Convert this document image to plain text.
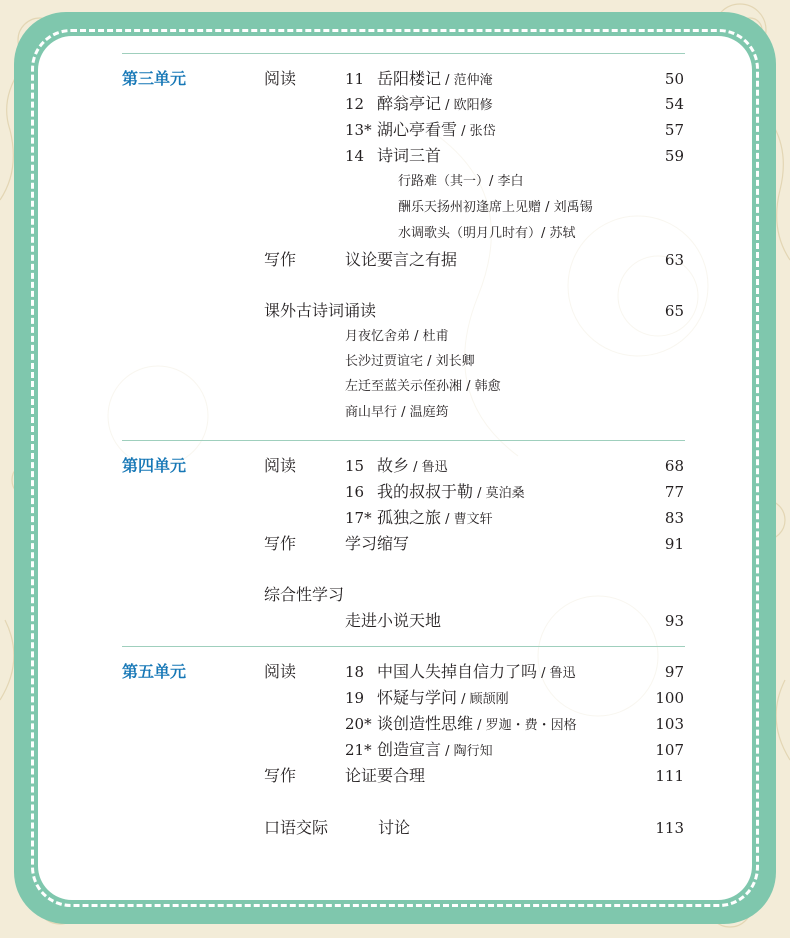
第三单元	阅读	11 岳阳楼记 / 范仲淹	50
12 醉翁亭记 / 欧阳修	54
13* 湖心亭看雪 / 张岱	57
14 诗词三首	59
行路难（其一）/ 李白
酬乐天扬州初逢席上见赠 / 刘禹锡
水调歌头（明月几时有）/ 苏轼
写作	议论要言之有据	63
课外古诗词诵读	65
月夜忆舍弟 / 杜甫
长沙过贾谊宅 / 刘长卿
左迁至蓝关示侄孙湘 / 韩愈
商山早行 / 温庭筠
第四单元	阅读	15 故乡 / 鲁迅	68
16 我的叔叔于勒 / 莫泊桑	77
17* 孤独之旅 / 曹文轩	83
写作	学习缩写	91
综合性学习
走进小说天地	93
第五单元	阅读	18 中国人失掉自信力了吗 / 鲁迅	97
19 怀疑与学问 / 顾颉刚	100
20* 谈创造性思维 / 罗迦・费・因格	103
21* 创造宣言 / 陶行知	107
写作	论证要合理	111
口语交际	讨论	113
